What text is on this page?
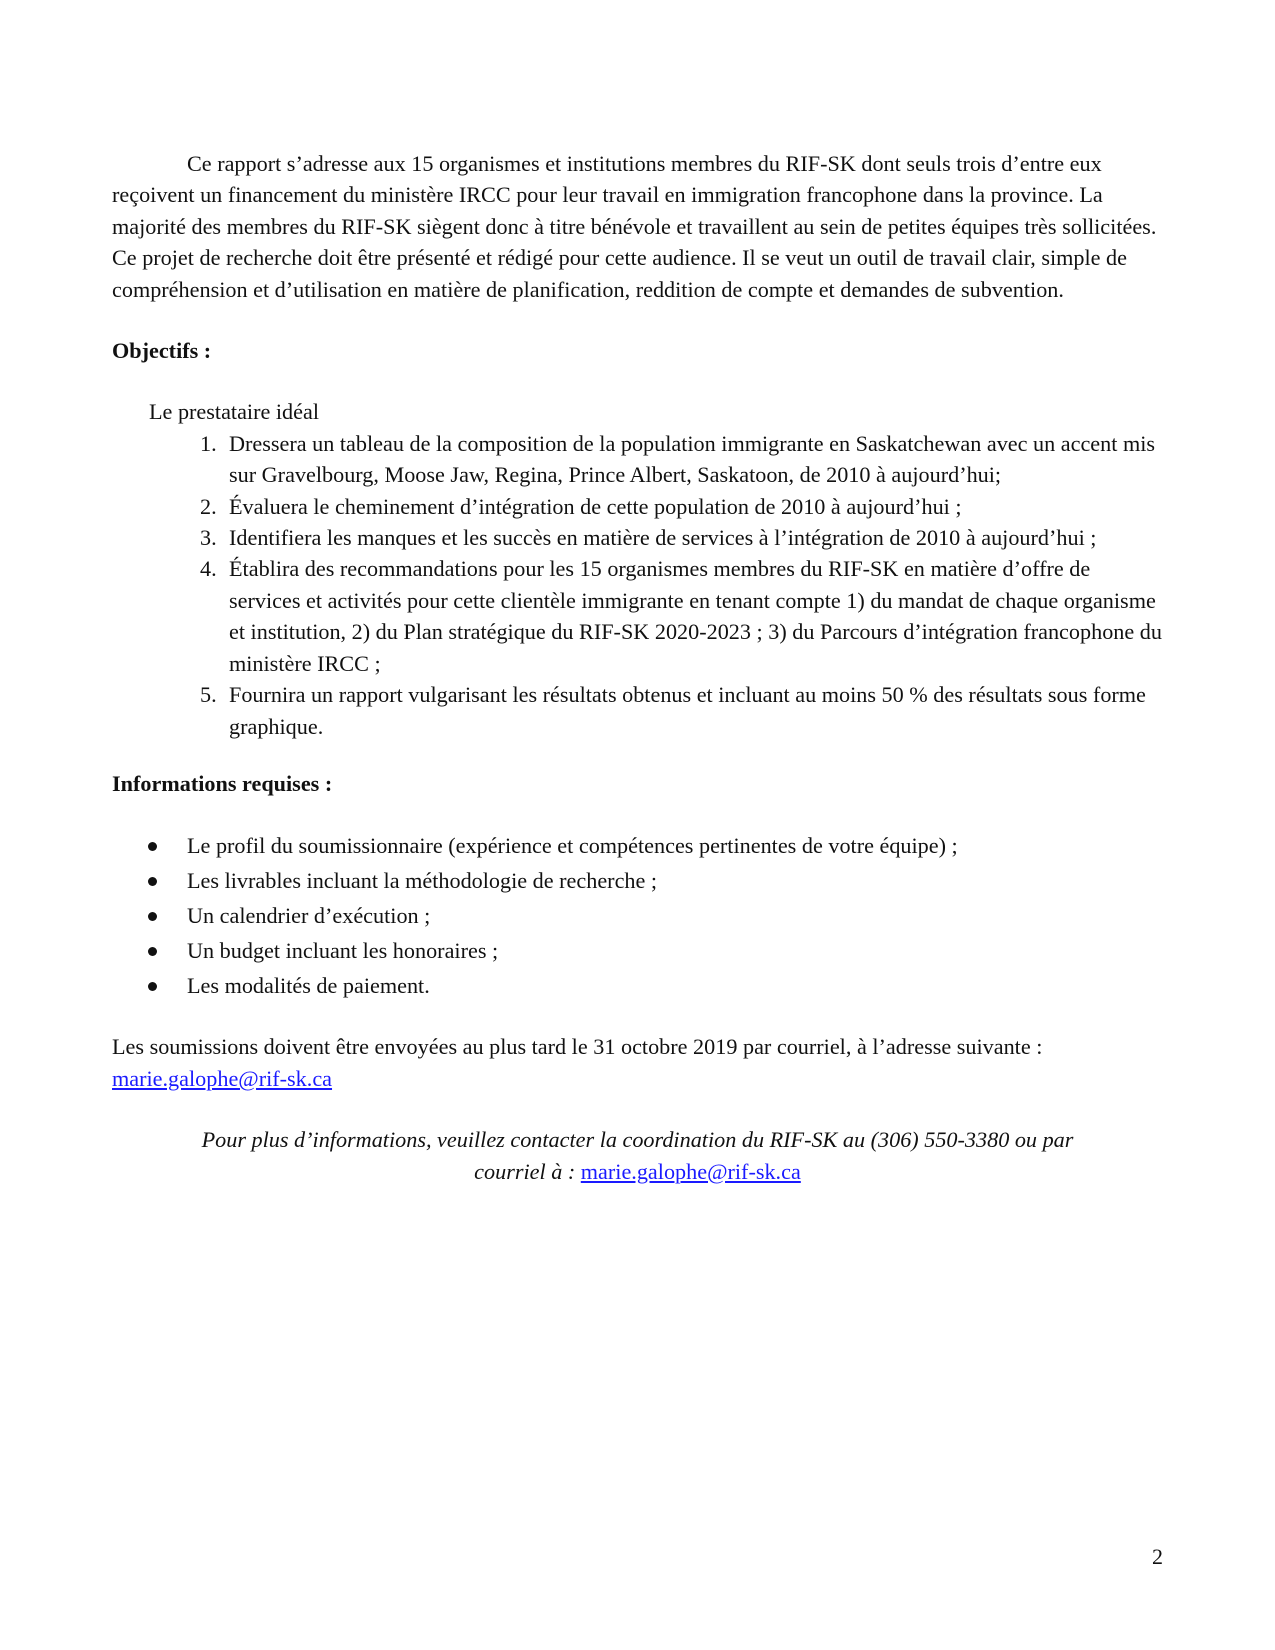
Ce rapport s’adresse aux 15 organismes et institutions membres du RIF-SK dont seuls trois d’entre eux reçoivent un financement du ministère IRCC pour leur travail en immigration francophone dans la province. La majorité des membres du RIF-SK siègent donc à titre bénévole et travaillent au sein de petites équipes très sollicitées. Ce projet de recherche doit être présenté et rédigé pour cette audience. Il se veut un outil de travail clair, simple de compréhension et d’utilisation en matière de planification, reddition de compte et demandes de subvention.

Objectifs :

Le prestataire idéal

1. Dressera un tableau de la composition de la population immigrante en Saskatchewan avec un accent mis sur Gravelbourg, Moose Jaw, Regina, Prince Albert, Saskatoon, de 2010 à aujourd’hui;
2. Évaluera le cheminement d’intégration de cette population de 2010 à aujourd’hui ;
3. Identifiera les manques et les succès en matière de services à l’intégration de 2010 à aujourd’hui ;
4. Établira des recommandations pour les 15 organismes membres du RIF-SK en matière d’offre de services et activités pour cette clientèle immigrante en tenant compte 1) du mandat de chaque organisme et institution, 2) du Plan stratégique du RIF-SK 2020-2023 ; 3) du Parcours d’intégration francophone du ministère IRCC ;
5. Fournira un rapport vulgarisant les résultats obtenus et incluant au moins 50 % des résultats sous forme graphique.

Informations requises :

Le profil du soumissionnaire (expérience et compétences pertinentes de votre équipe) ;
Les livrables incluant la méthodologie de recherche ;
Un calendrier d’exécution ;
Un budget incluant les honoraires ;
Les modalités de paiement.

Les soumissions doivent être envoyées au plus tard le 31 octobre 2019 par courriel, à l’adresse suivante :
marie.galophe@rif-sk.ca

Pour plus d’informations, veuillez contacter la coordination du RIF-SK au (306) 550-3380 ou par
courriel à : marie.galophe@rif-sk.ca

2
